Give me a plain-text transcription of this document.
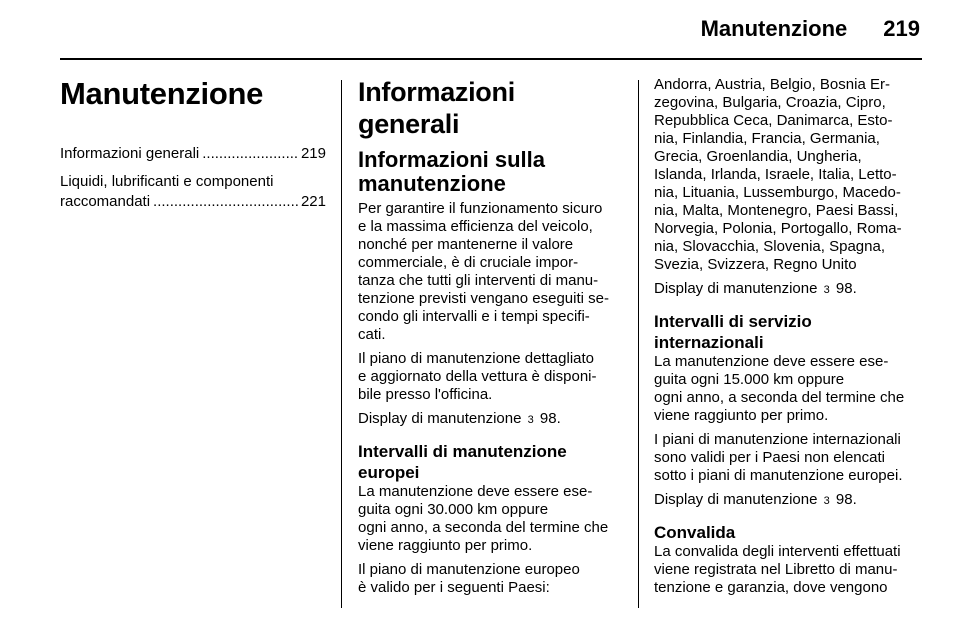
Manutenzione 219
Manutenzione
Informazioni generali .....	219
Liquidi, lubrificanti e componenti
raccomandati .....	221
Informazioni generali
Informazioni sulla
manutenzione

Per garantire il funzionamento sicuro
e la massima efficienza del veicolo,
nonché per mantenerne il valore
commerciale, è di cruciale impor-
tanza che tutti gli interventi di manu-
tenzione previsti vengano eseguiti se-
condo gli intervalli e i tempi specifi-
cati.

Il piano di manutenzione dettagliato
e aggiornato della vettura è disponi-
bile presso l'officina.

Display di manutenzione 3 98.

Intervalli di manutenzione
europei

La manutenzione deve essere ese-
guita ogni 30.000 km oppure
ogni anno, a seconda del termine che
viene raggiunto per primo.

Il piano di manutenzione europeo
è valido per i seguenti Paesi:

Andorra, Austria, Belgio, Bosnia Er-
zegovina, Bulgaria, Croazia, Cipro,
Repubblica Ceca, Danimarca, Esto-
nia, Finlandia, Francia, Germania,
Grecia, Groenlandia, Ungheria,
Islanda, Irlanda, Israele, Italia, Letto-
nia, Lituania, Lussemburgo, Macedo-
nia, Malta, Montenegro, Paesi Bassi,
Norvegia, Polonia, Portogallo, Roma-
nia, Slovacchia, Slovenia, Spagna,
Svezia, Svizzera, Regno Unito

Display di manutenzione 3 98.

Intervalli di servizio
internazionali

La manutenzione deve essere ese-
guita ogni 15.000 km oppure
ogni anno, a seconda del termine che
viene raggiunto per primo.

I piani di manutenzione internazionali
sono validi per i Paesi non elencati
sotto i piani di manutenzione europei.

Display di manutenzione 3 98.

Convalida

La convalida degli interventi effettuati
viene registrata nel Libretto di manu-
tenzione e garanzia, dove vengono
